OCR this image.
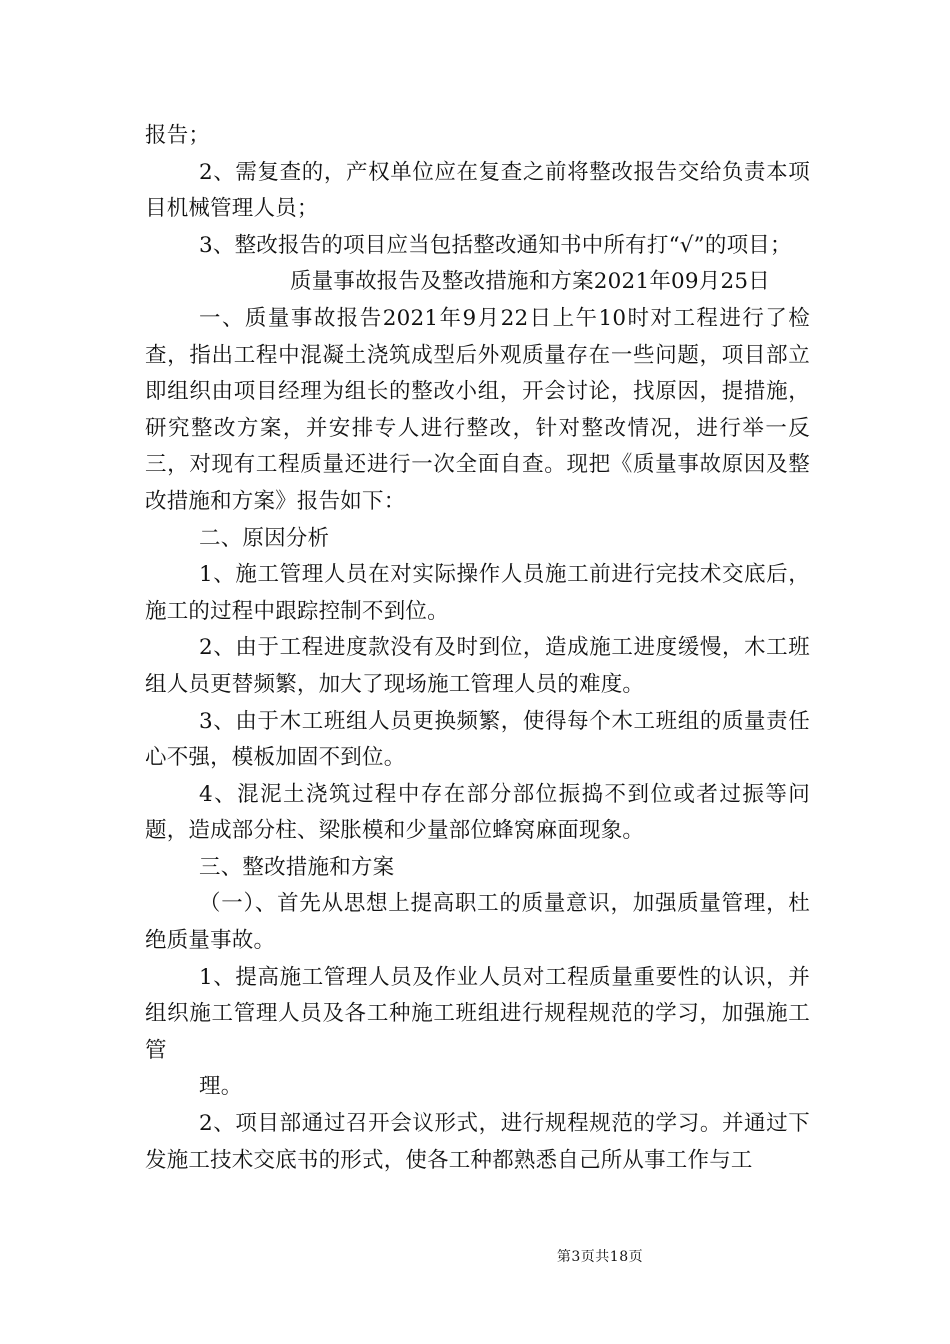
报告；

2、需复查的，产权单位应在复查之前将整改报告交给负责本项目机械管理人员；

3、整改报告的项目应当包括整改通知书中所有打“√”的项目；

质量事故报告及整改措施和方案2021年09月25日

一、质量事故报告2021年9月22日上午10时对工程进行了检查，指出工程中混凝土浇筑成型后外观质量存在一些问题，项目部立即组织由项目经理为组长的整改小组，开会讨论，找原因，提措施，研究整改方案，并安排专人进行整改，针对整改情况，进行举一反三，对现有工程质量还进行一次全面自查。现把《质量事故原因及整改措施和方案》报告如下：

二、原因分析

1、施工管理人员在对实际操作人员施工前进行完技术交底后，施工的过程中跟踪控制不到位。

2、由于工程进度款没有及时到位，造成施工进度缓慢，木工班组人员更替频繁，加大了现场施工管理人员的难度。

3、由于木工班组人员更换频繁，使得每个木工班组的质量责任心不强，模板加固不到位。

4、混泥土浇筑过程中存在部分部位振捣不到位或者过振等问题，造成部分柱、梁胀模和少量部位蜂窝麻面现象。

三、整改措施和方案

（一）、首先从思想上提高职工的质量意识，加强质量管理，杜绝质量事故。

1、提高施工管理人员及作业人员对工程质量重要性的认识，并组织施工管理人员及各工种施工班组进行规程规范的学习，加强施工管

理。

2、项目部通过召开会议形式，进行规程规范的学习。并通过下发施工技术交底书的形式，使各工种都熟悉自己所从事工作与工

第3页共18页
